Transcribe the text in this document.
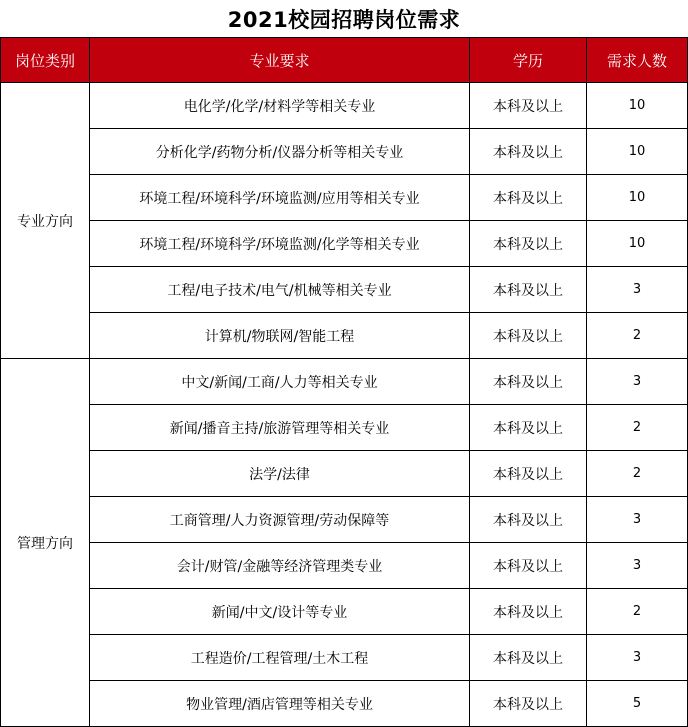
2021校园招聘岗位需求
岗位类别	专业要求	学历	需求人数
专业方向	电化学/化学/材料学等相关专业	本科及以上	10
	分析化学/药物分析/仪器分析等相关专业	本科及以上	10
	环境工程/环境科学/环境监测/应用等相关专业	本科及以上	10
	环境工程/环境科学/环境监测/化学等相关专业	本科及以上	10
	工程/电子技术/电气/机械等相关专业	本科及以上	3
	计算机/物联网/智能工程	本科及以上	2
管理方向	中文/新闻/工商/人力等相关专业	本科及以上	3
	新闻/播音主持/旅游管理等相关专业	本科及以上	2
	法学/法律	本科及以上	2
	工商管理/人力资源管理/劳动保障等	本科及以上	3
	会计/财管/金融等经济管理类专业	本科及以上	3
	新闻/中文/设计等专业	本科及以上	2
	工程造价/工程管理/土木工程	本科及以上	3
	物业管理/酒店管理等相关专业	本科及以上	5
